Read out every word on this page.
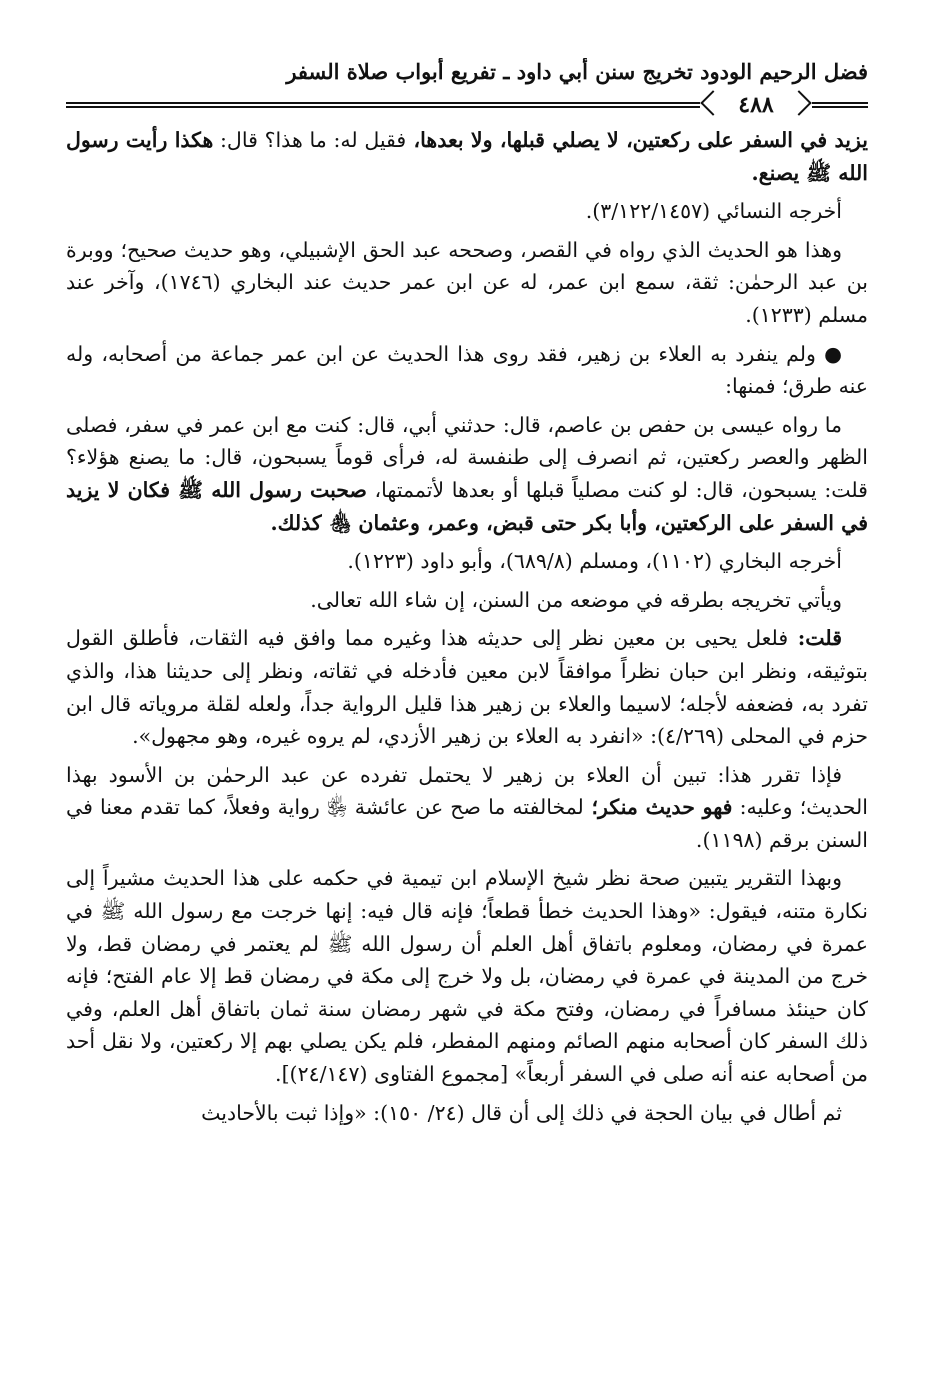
فضل الرحيم الودود تخريج سنن أبي داود ـ تفريع أبواب صلاة السفر
٤٨٨

يزيد في السفر على ركعتين، لا يصلي قبلها، ولا بعدها، فقيل له: ما هذا؟ قال: هكذا رأيت رسول الله ﷺ يصنع.

أخرجه النسائي (٣/١٢٢/١٤٥٧).

وهذا هو الحديث الذي رواه في القصر، وصححه عبد الحق الإشبيلي، وهو حديث صحيح؛ ووبرة بن عبد الرحمٰن: ثقة، سمع ابن عمر، له عن ابن عمر حديث عند البخاري (١٧٤٦)، وآخر عند مسلم (١٢٣٣).

● ولم ينفرد به العلاء بن زهير، فقد روى هذا الحديث عن ابن عمر جماعة من أصحابه، وله عنه طرق؛ فمنها:

ما رواه عيسى بن حفص بن عاصم، قال: حدثني أبي، قال: كنت مع ابن عمر في سفر، فصلى الظهر والعصر ركعتين، ثم انصرف إلى طنفسة له، فرأى قوماً يسبحون، قال: ما يصنع هؤلاء؟ قلت: يسبحون، قال: لو كنت مصلياً قبلها أو بعدها لأتممتها، صحبت رسول الله ﷺ فكان لا يزيد في السفر على الركعتين، وأبا بكر حتى قبض، وعمر، وعثمان ﵃ كذلك.

أخرجه البخاري (١١٠٢)، ومسلم (٦٨٩/٨)، وأبو داود (١٢٢٣).

ويأتي تخريجه بطرقه في موضعه من السنن، إن شاء الله تعالى.

قلت: فلعل يحيى بن معين نظر إلى حديثه هذا وغيره مما وافق فيه الثقات، فأطلق القول بتوثيقه، ونظر ابن حبان نظراً موافقاً لابن معين فأدخله في ثقاته، ونظر إلى حديثنا هذا، والذي تفرد به، فضعفه لأجله؛ لاسيما والعلاء بن زهير هذا قليل الرواية جداً، ولعله لقلة مروياته قال ابن حزم في المحلى (٤/٢٦٩): «انفرد به العلاء بن زهير الأزدي، لم يروه غيره، وهو مجهول».

فإذا تقرر هذا: تبين أن العلاء بن زهير لا يحتمل تفرده عن عبد الرحمٰن بن الأسود بهذا الحديث؛ وعليه: فهو حديث منكر؛ لمخالفته ما صح عن عائشة ﵂ رواية وفعلاً، كما تقدم معنا في السنن برقم (١١٩٨).

وبهذا التقرير يتبين صحة نظر شيخ الإسلام ابن تيمية في حكمه على هذا الحديث مشيراً إلى نكارة متنه، فيقول: «وهذا الحديث خطأ قطعاً؛ فإنه قال فيه: إنها خرجت مع رسول الله ﷺ في عمرة في رمضان، ومعلوم باتفاق أهل العلم أن رسول الله ﷺ لم يعتمر في رمضان قط، ولا خرج من المدينة في عمرة في رمضان، بل ولا خرج إلى مكة في رمضان قط إلا عام الفتح؛ فإنه كان حينئذ مسافراً في رمضان، وفتح مكة في شهر رمضان سنة ثمان باتفاق أهل العلم، وفي ذلك السفر كان أصحابه منهم الصائم ومنهم المفطر، فلم يكن يصلي بهم إلا ركعتين، ولا نقل أحد من أصحابه عنه أنه صلى في السفر أربعاً» [مجموع الفتاوى (٢٤/١٤٧)].

ثم أطال في بيان الحجة في ذلك إلى أن قال (٢٤/ ١٥٠): «وإذا ثبت بالأحاديث
